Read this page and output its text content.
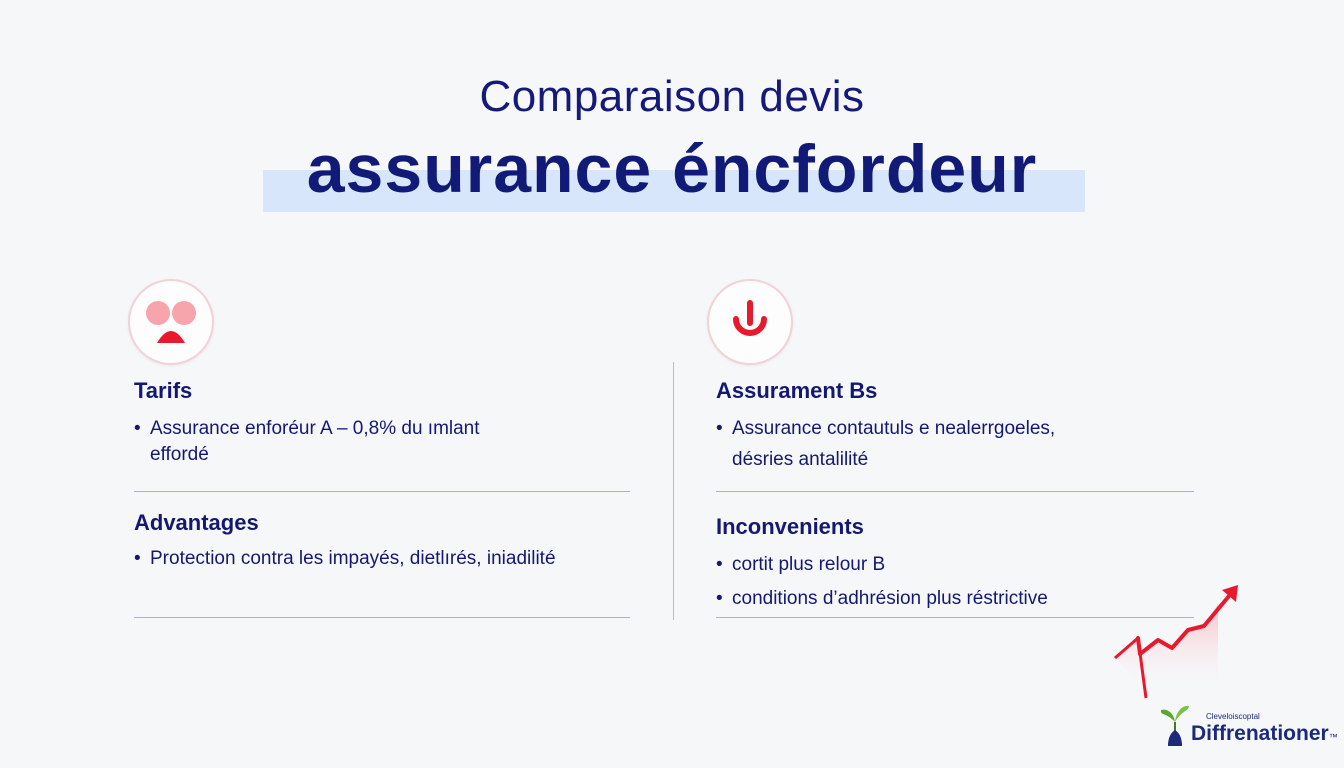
Comparaison devis
assurance éncfordeur
Tarifs
• Assurance enforéur A – 0,8% du ımlant
effordé
Advantages
• Protection contra les impayés, dietlırés, iniadilité
Assurament Bs
• Assurance contautuls e nealerrgoeles,
désries antalilité
Inconvenients
• cortit plus relour B
• conditions d’adhrésion plus réstrictive
Cleveloiscoptal
Diffrenationer™
